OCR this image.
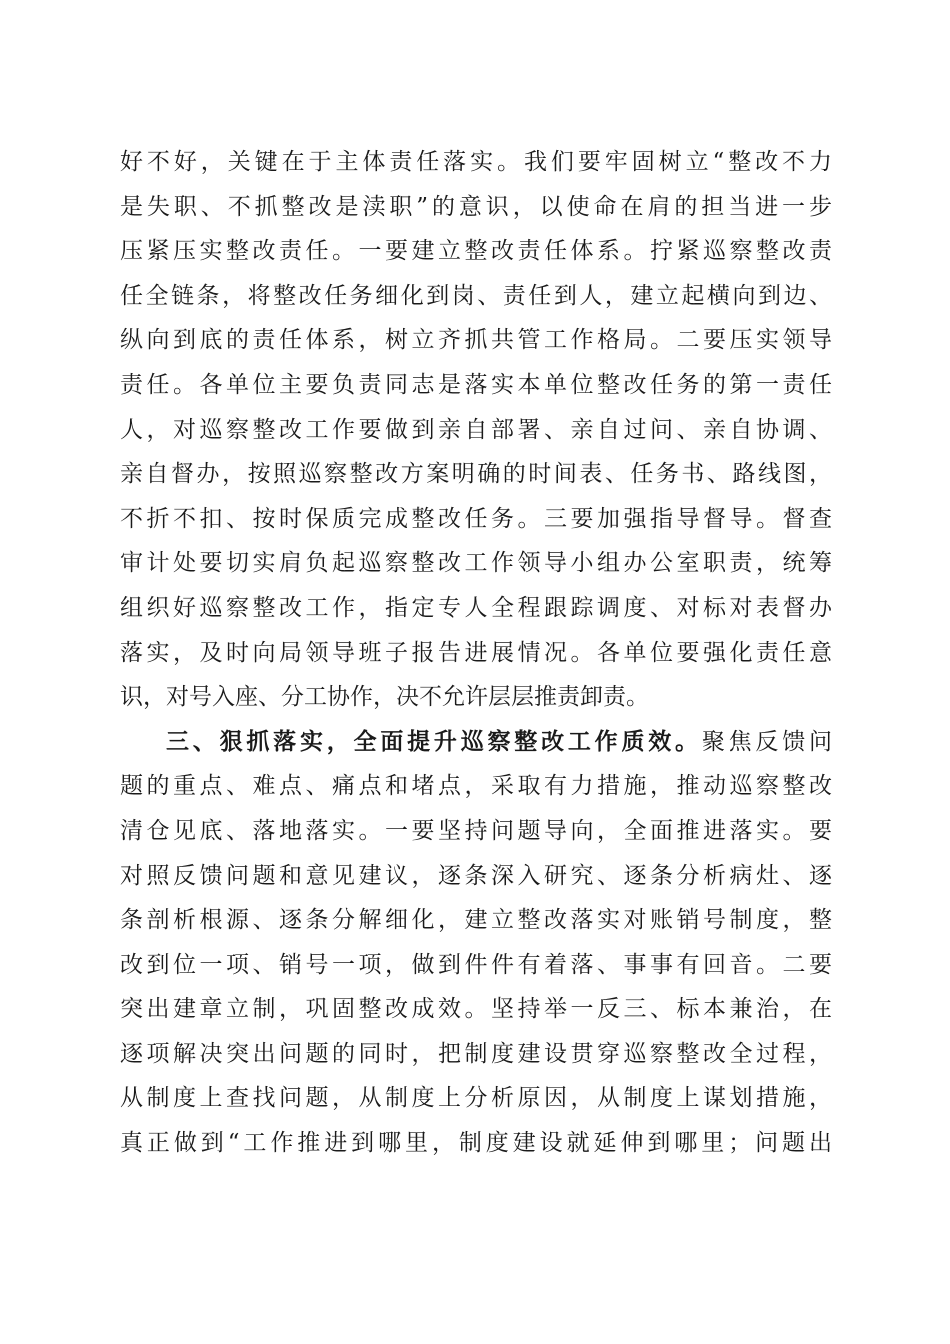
好不好，关键在于主体责任落实。我们要牢固树立“整改不力
是失职、不抓整改是渎职”的意识，以使命在肩的担当进一步
压紧压实整改责任。一要建立整改责任体系。拧紧巡察整改责
任全链条，将整改任务细化到岗、责任到人，建立起横向到边、
纵向到底的责任体系，树立齐抓共管工作格局。二要压实领导
责任。各单位主要负责同志是落实本单位整改任务的第一责任
人，对巡察整改工作要做到亲自部署、亲自过问、亲自协调、
亲自督办，按照巡察整改方案明确的时间表、任务书、路线图，
不折不扣、按时保质完成整改任务。三要加强指导督导。督查
审计处要切实肩负起巡察整改工作领导小组办公室职责，统筹
组织好巡察整改工作，指定专人全程跟踪调度、对标对表督办
落实，及时向局领导班子报告进展情况。各单位要强化责任意
识，对号入座、分工协作，决不允许层层推责卸责。
三、狠抓落实，全面提升巡察整改工作质效。聚焦反馈问
题的重点、难点、痛点和堵点，采取有力措施，推动巡察整改
清仓见底、落地落实。一要坚持问题导向，全面推进落实。要
对照反馈问题和意见建议，逐条深入研究、逐条分析病灶、逐
条剖析根源、逐条分解细化，建立整改落实对账销号制度，整
改到位一项、销号一项，做到件件有着落、事事有回音。二要
突出建章立制，巩固整改成效。坚持举一反三、标本兼治，在
逐项解决突出问题的同时，把制度建设贯穿巡察整改全过程，
从制度上查找问题，从制度上分析原因，从制度上谋划措施，
真正做到“工作推进到哪里，制度建设就延伸到哪里；问题出
